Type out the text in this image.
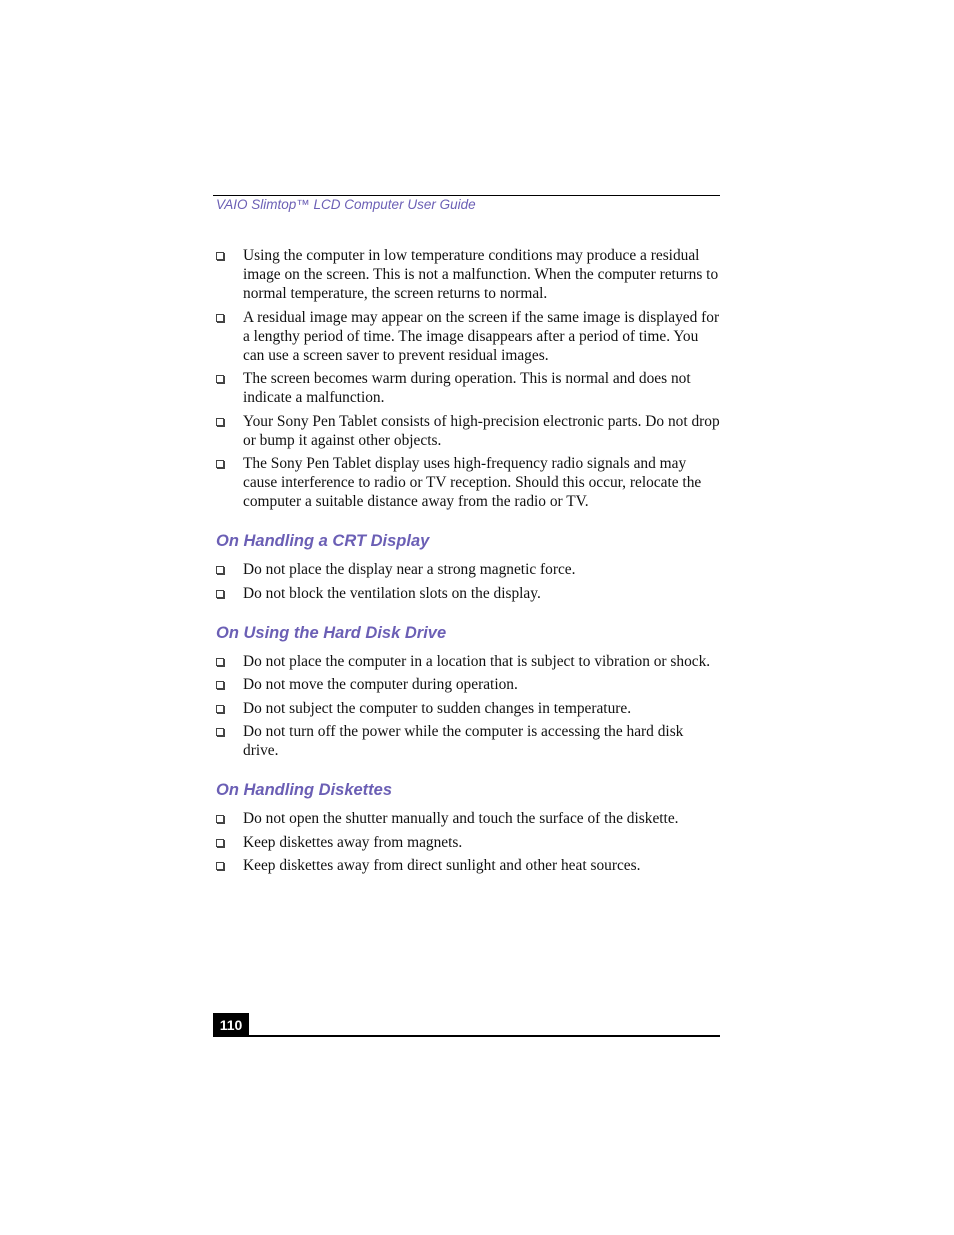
VAIO Slimtop™ LCD Computer User Guide
Using the computer in low temperature conditions may produce a residual image on the screen. This is not a malfunction. When the computer returns to normal temperature, the screen returns to normal.
A residual image may appear on the screen if the same image is displayed for a lengthy period of time. The image disappears after a period of time. You can use a screen saver to prevent residual images.
The screen becomes warm during operation. This is normal and does not indicate a malfunction.
Your Sony Pen Tablet consists of high-precision electronic parts. Do not drop or bump it against other objects.
The Sony Pen Tablet display uses high-frequency radio signals and may cause interference to radio or TV reception. Should this occur, relocate the computer a suitable distance away from the radio or TV.
On Handling a CRT Display
Do not place the display near a strong magnetic force.
Do not block the ventilation slots on the display.
On Using the Hard Disk Drive
Do not place the computer in a location that is subject to vibration or shock.
Do not move the computer during operation.
Do not subject the computer to sudden changes in temperature.
Do not turn off the power while the computer is accessing the hard disk drive.
On Handling Diskettes
Do not open the shutter manually and touch the surface of the diskette.
Keep diskettes away from magnets.
Keep diskettes away from direct sunlight and other heat sources.
110
